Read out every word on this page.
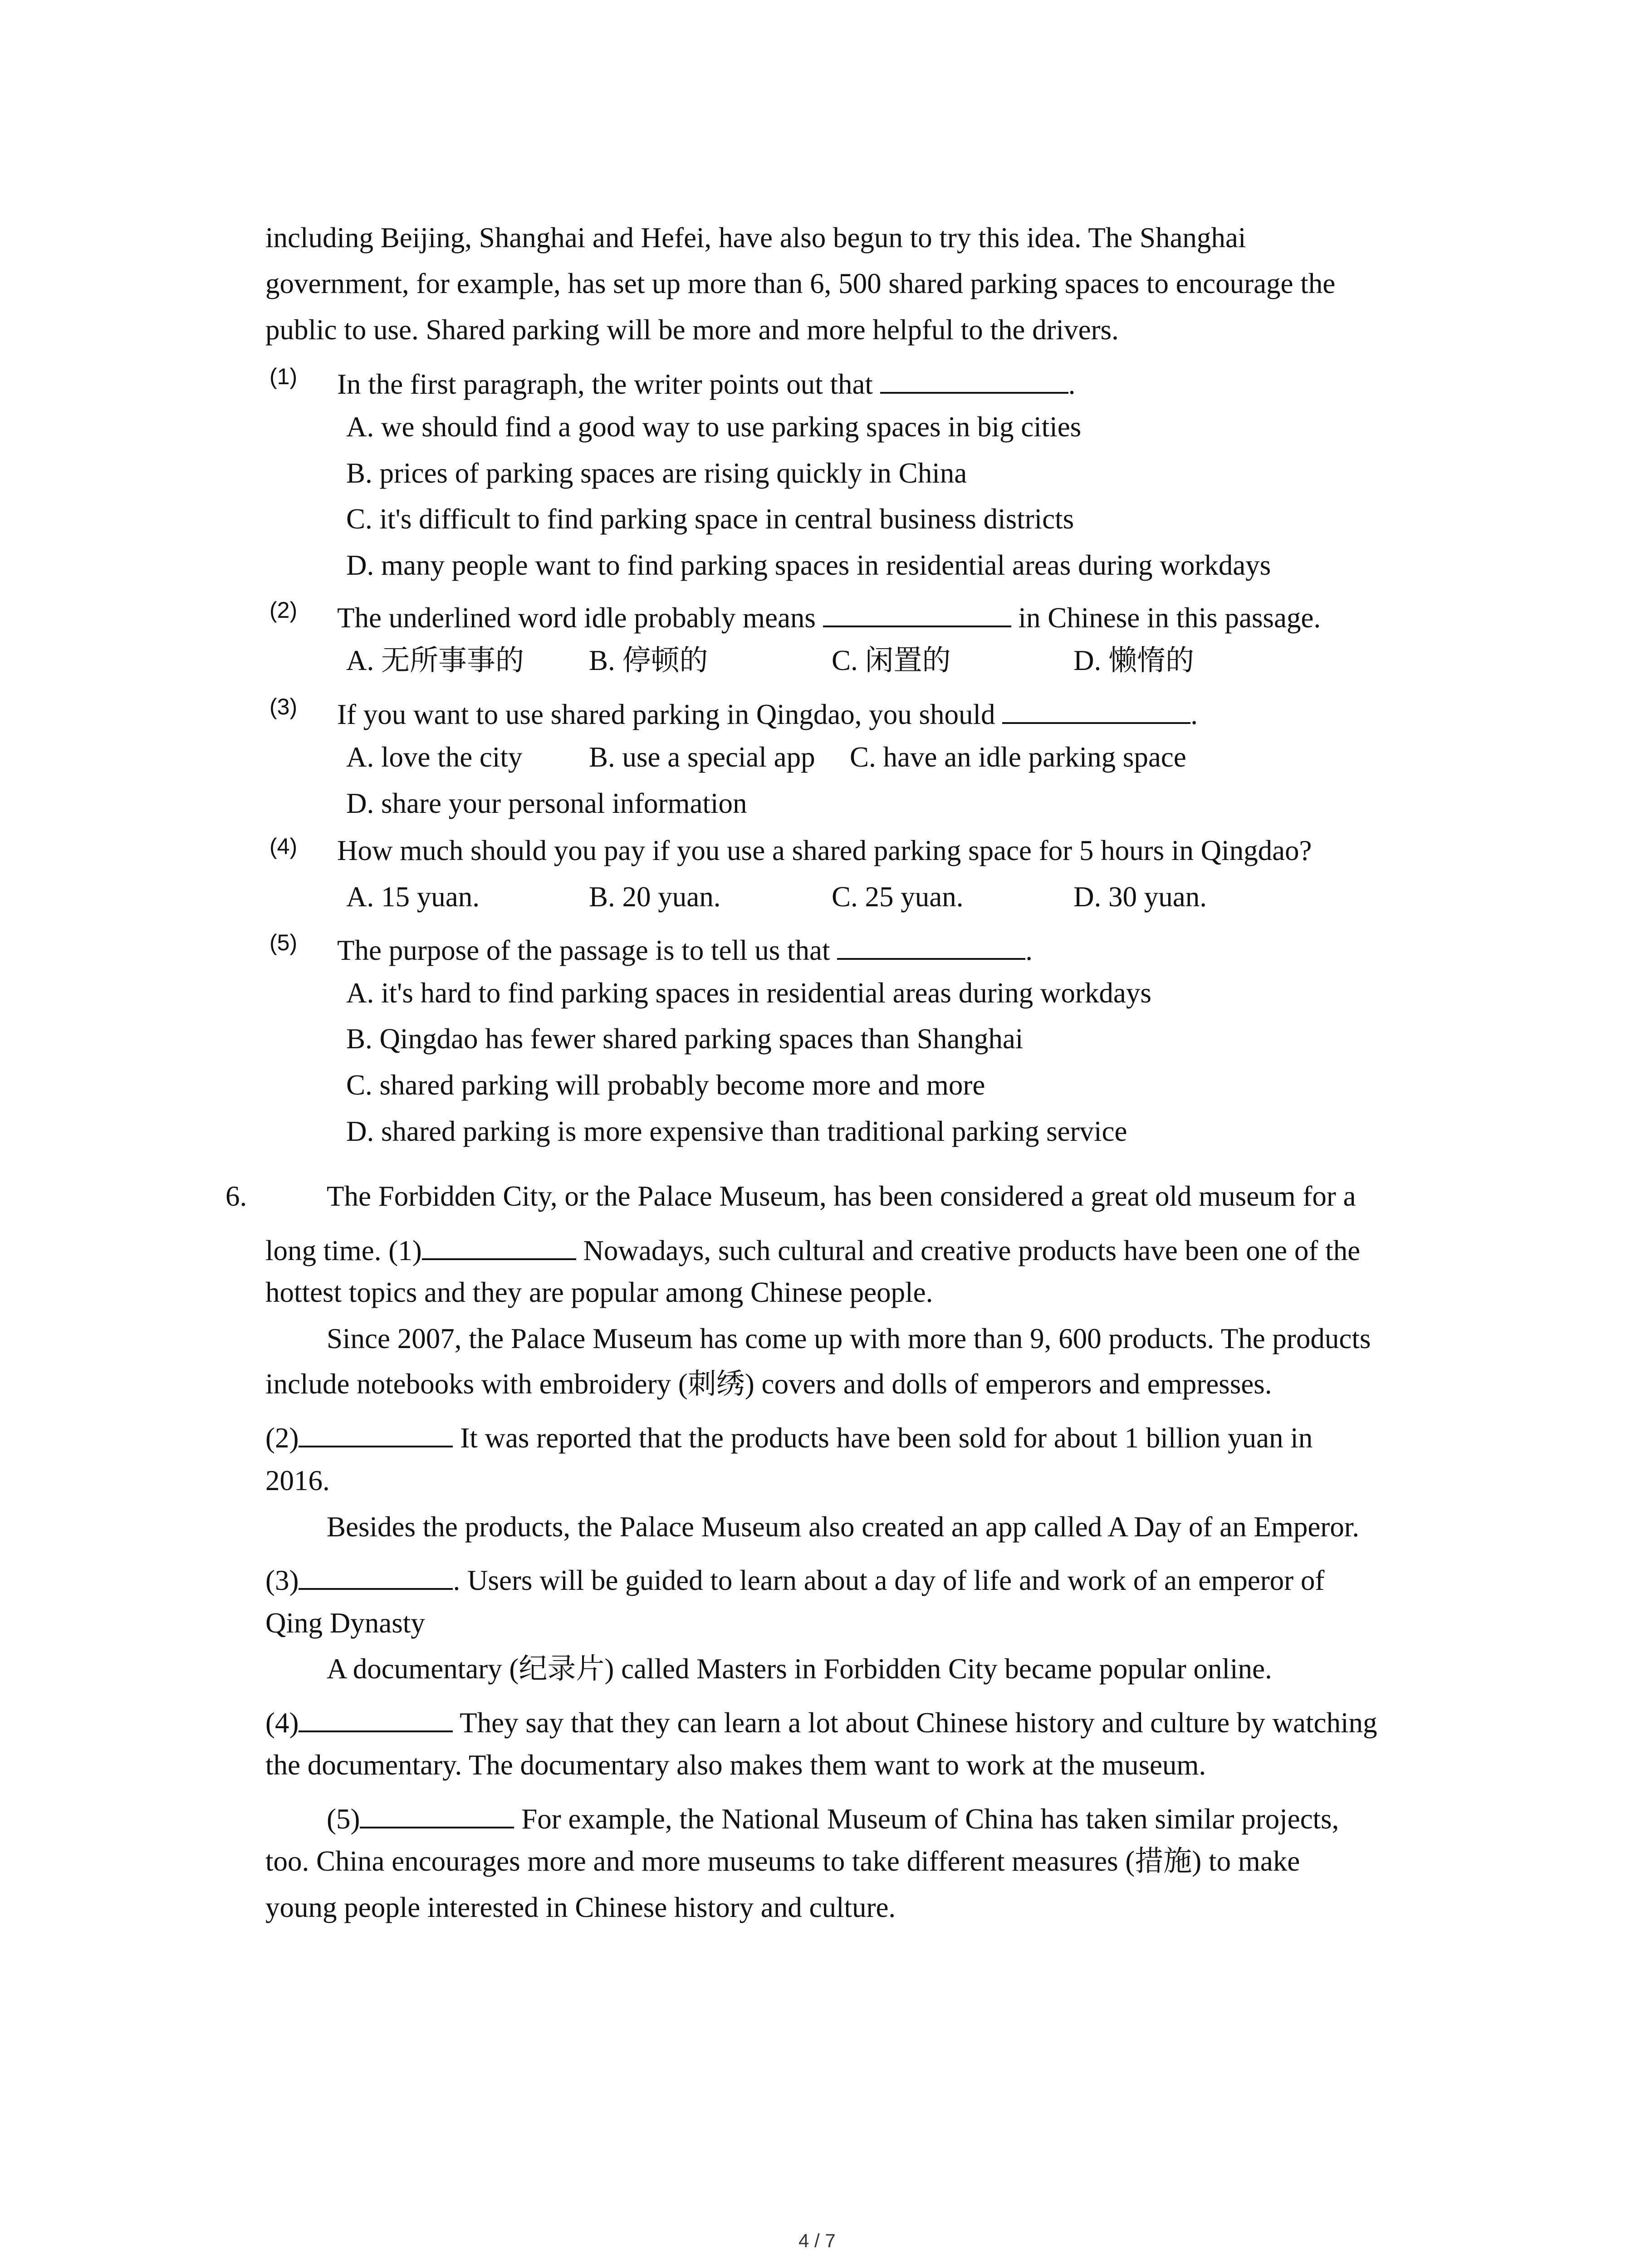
including Beijing, Shanghai and Hefei, have also begun to try this idea. The Shanghai
government, for example, has set up more than 6, 500 shared parking spaces to encourage the
public to use. Shared parking will be more and more helpful to the drivers.
(1) In the first paragraph, the writer points out that	.
A. we should find a good way to use parking spaces in big cities
B. prices of parking spaces are rising quickly in China
C. it's difficult to find parking space in central business districts
D. many people want to find parking spaces in residential areas during workdays
(2) The underlined word idle probably means	in Chinese in this passage.
A. 无所事事的 B. 停顿的	C. 闲置的	D. 懒惰的
(3) If you want to use shared parking in Qingdao, you should	.
A. love the city B. use a special app C. have an idle parking space
D. share your personal information
(4) How much should you pay if you use a shared parking space for 5 hours in Qingdao?
A. 15 yuan.	B. 20 yuan.	C. 25 yuan.	D. 30 yuan.
(5) The purpose of the passage is to tell us that	.
A. it's hard to find parking spaces in residential areas during workdays
B. Qingdao has fewer shared parking spaces than Shanghai
C. shared parking will probably become more and more
D. shared parking is more expensive than traditional parking service
6.	The Forbidden City, or the Palace Museum, has been considered a great old museum for a
long time. (1)	Nowadays, such cultural and creative products have been one of the
hottest topics and they are popular among Chinese people.
Since 2007, the Palace Museum has come up with more than 9, 600 products. The products
include notebooks with embroidery (刺绣) covers and dolls of emperors and empresses.
(2)	It was reported that the products have been sold for about 1 billion yuan in
2016.
Besides the products, the Palace Museum also created an app called A Day of an Emperor.
(3)	. Users will be guided to learn about a day of life and work of an emperor of
Qing Dynasty
A documentary (纪录片) called Masters in Forbidden City became popular online.
(4)	They say that they can learn a lot about Chinese history and culture by watching
the documentary. The documentary also makes them want to work at the museum.
(5)	For example, the National Museum of China has taken similar projects,
too. China encourages more and more museums to take different measures (措施) to make
young people interested in Chinese history and culture.
4 / 7
